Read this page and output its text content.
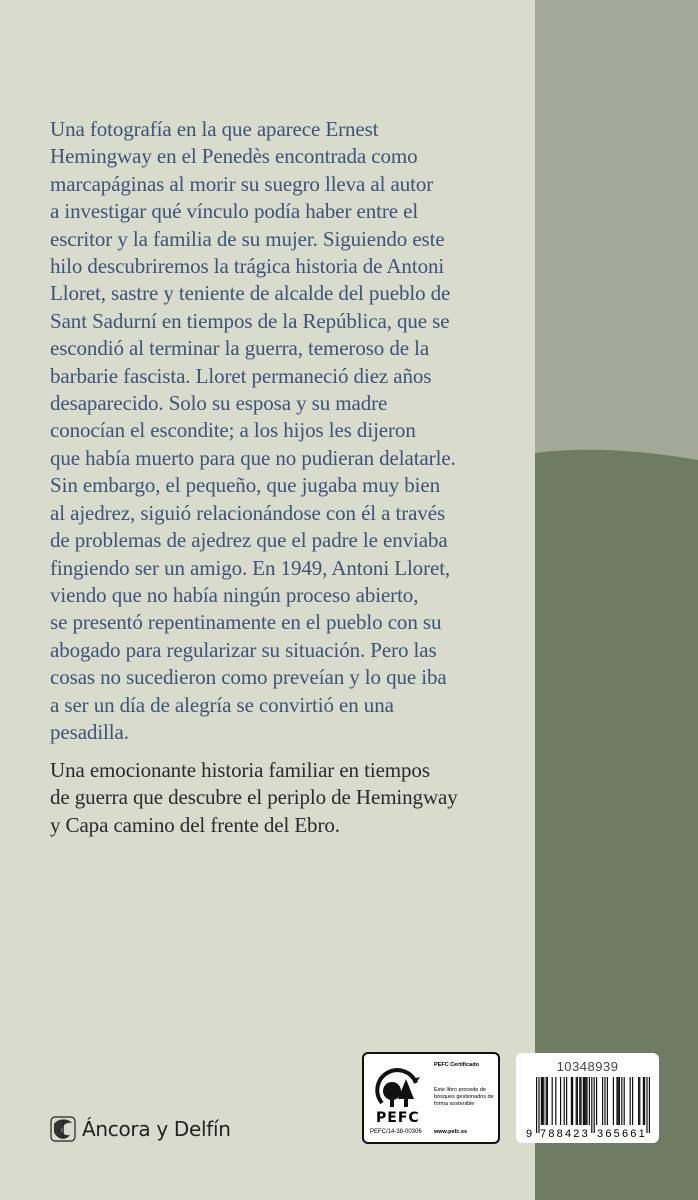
Una fotografía en la que aparece Ernest
Hemingway en el Penedès encontrada como
marcapáginas al morir su suegro lleva al autor
a investigar qué vínculo podía haber entre el
escritor y la familia de su mujer. Siguiendo este
hilo descubriremos la trágica historia de Antoni
Lloret, sastre y teniente de alcalde del pueblo de
Sant Sadurní en tiempos de la República, que se
escondió al terminar la guerra, temeroso de la
barbarie fascista. Lloret permaneció diez años
desaparecido. Solo su esposa y su madre
conocían el escondite; a los hijos les dijeron
que había muerto para que no pudieran delatarle.
Sin embargo, el pequeño, que jugaba muy bien
al ajedrez, siguió relacionándose con él a través
de problemas de ajedrez que el padre le enviaba
fingiendo ser un amigo. En 1949, Antoni Lloret,
viendo que no había ningún proceso abierto,
se presentó repentinamente en el pueblo con su
abogado para regularizar su situación. Pero las
cosas no sucedieron como preveían y lo que iba
a ser un día de alegría se convirtió en una
pesadilla.
Una emocionante historia familiar en tiempos
de guerra que descubre el periplo de Hemingway
y Capa camino del frente del Ebro.
Áncora y Delfín	PEFC
PEFC/14-38-00306
PEFC Certificado
Este libro procede de bosques gestionados de forma sostenible
www.pefc.es
10348939
9 788423 365661
